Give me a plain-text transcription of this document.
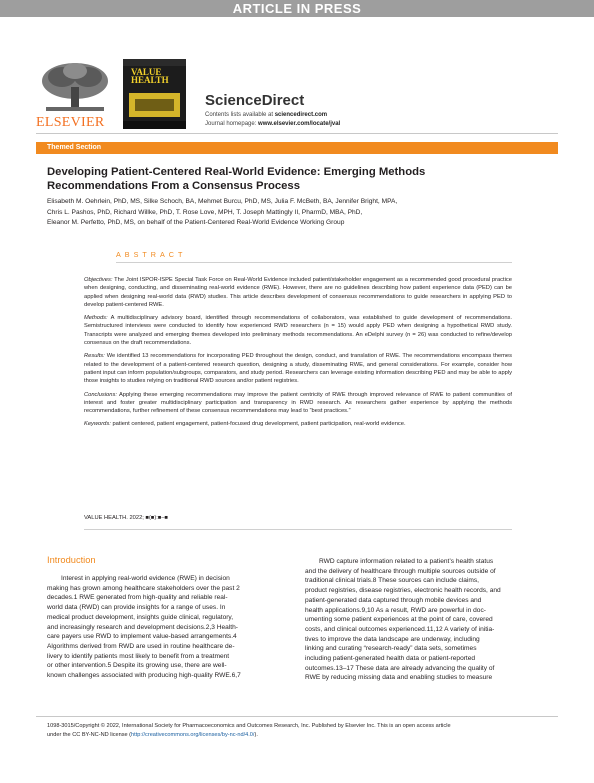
ARTICLE IN PRESS
ELSEVIER
VALUE HEALTH
ScienceDirect
Contents lists available at sciencedirect.com
Journal homepage: www.elsevier.com/locate/jval
Themed Section
Developing Patient-Centered Real-World Evidence: Emerging Methods
Recommendations From a Consensus Process
Elisabeth M. Oehrlein, PhD, MS, Silke Schoch, BA, Mehmet Burcu, PhD, MS, Julia F. McBeth, BA, Jennifer Bright, MPA,
Chris L. Pashos, PhD, Richard Willke, PhD, T. Rose Love, MPH, T. Joseph Mattingly II, PharmD, MBA, PhD,
Eleanor M. Perfetto, PhD, MS, on behalf of the Patient-Centered Real-World Evidence Working Group
ABSTRACT

Objectives: The Joint ISPOR-ISPE Special Task Force on Real-World Evidence included patient/stakeholder engagement as a recommended good procedural practice when designing, conducting, and disseminating real-world evidence (RWE). However, there are no guidelines describing how patient experience data (PED) can be applied when designing real-world data (RWD) studies. This article describes development of consensus recommendations to guide researchers in applying PED to develop patient-centered RWE.

Methods: A multidisciplinary advisory board, identified through recommendations of collaborators, was established to guide development of recommendations. Semistructured interviews were conducted to identify how experienced RWD researchers (n = 15) would apply PED when designing a hypothetical RWD study. Transcripts were analyzed and emerging themes developed into preliminary methods recommendations. An eDelphi survey (n = 26) was conducted to refine/develop consensus on the draft recommendations.

Results: We identified 13 recommendations for incorporating PED throughout the design, conduct, and translation of RWE. The recommendations encompass themes related to the development of a patient-centered research question, designing a study, disseminating RWE, and general considerations. For example, consider how patient input can inform population/subgroups, comparators, and study period. Researchers can leverage existing information describing PED and may be able to apply those insights to studies relying on traditional RWD sources and/or patient registries.

Conclusions: Applying these emerging recommendations may improve the patient centricity of RWE through improved relevance of RWE to patient communities of interest and foster greater multidisciplinary participation and transparency in RWD research. As researchers gather experience by applying the methods recommendations, further refinement of these consensus recommendations may lead to “best practices.”

Keywords: patient centered, patient engagement, patient-focused drug development, patient participation, real-world evidence.

VALUE HEALTH. 2022; ■(■):■–■
Introduction
Interest in applying real-world evidence (RWE) in decision
making has grown among healthcare stakeholders over the past 2
decades.1 RWE generated from high-quality and reliable real-
world data (RWD) can provide insights for a range of uses. In
medical product development, insights guide clinical, regulatory,
and increasingly research and development decisions.2,3 Health-
care payers use RWD to implement value-based arrangements.4
Algorithms derived from RWD are used in routine healthcare de-
livery to identify patients most likely to benefit from a treatment
or other intervention.5 Despite its growing use, there are well-
known challenges associated with producing high-quality RWE.6,7
RWD capture information related to a patient’s health status
and the delivery of healthcare through multiple sources outside of
traditional clinical trials.8 These sources can include claims,
product registries, disease registries, electronic health records, and
patient-generated data captured through mobile devices and
health applications.9,10 As a result, RWD are powerful in doc-
umenting some patient experiences at the point of care, covered
costs, and clinical outcomes experienced.11,12 A variety of initia-
tives to improve the data landscape are underway, including
linking and curating “research-ready” data sets, sometimes
including patient-generated health data or patient-reported
outcomes.13–17 These data are already advancing the quality of
RWE by reducing missing data and enabling studies to measure
1098-3015/Copyright © 2022, International Society for Pharmacoeconomics and Outcomes Research, Inc. Published by Elsevier Inc. This is an open access article
under the CC BY-NC-ND license (http://creativecommons.org/licenses/by-nc-nd/4.0/).
